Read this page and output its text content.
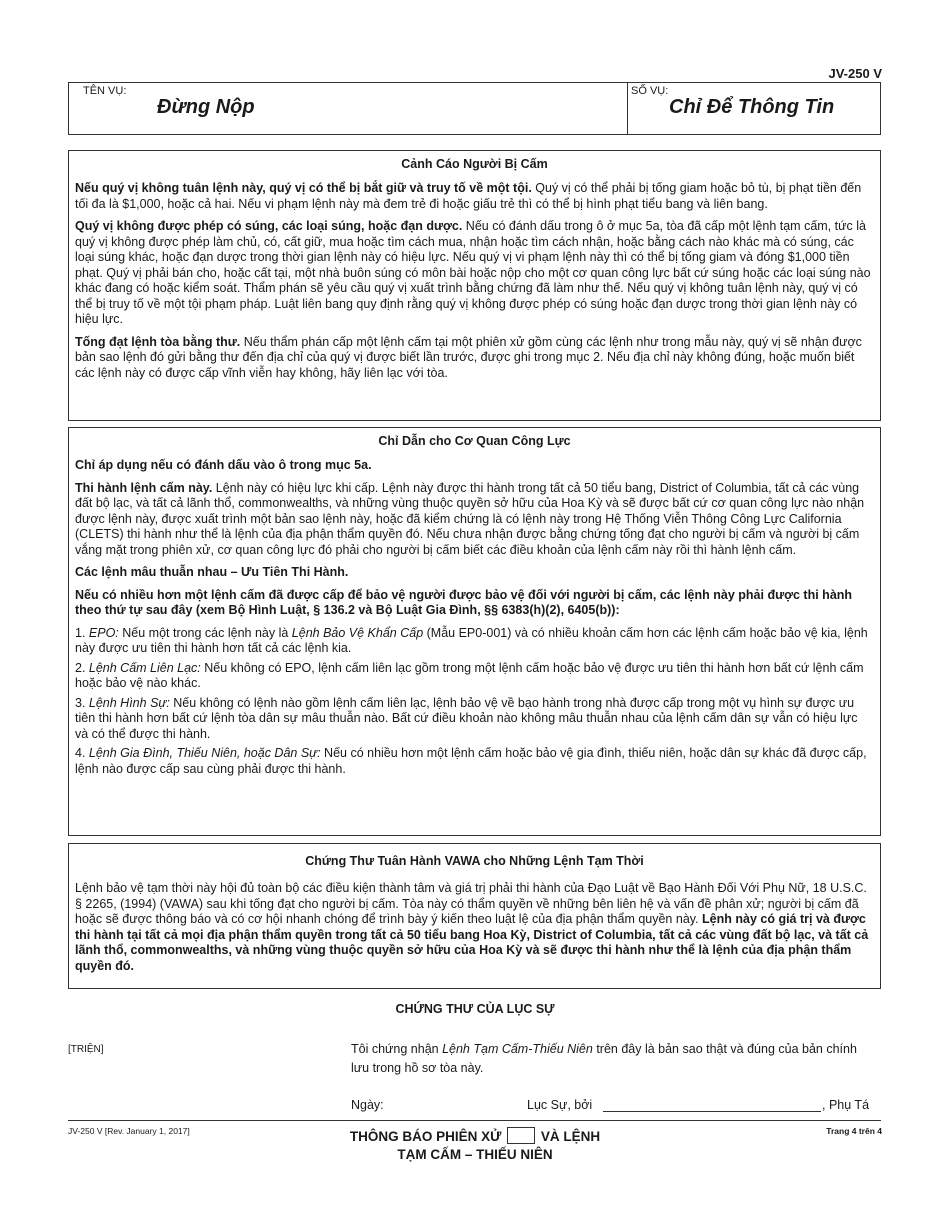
JV-250 V
TÊN VỤ:
Đừng Nộp
SỐ VỤ:
Chỉ Để Thông Tin
Cảnh Cáo Người Bị Cấm

Nếu quý vị không tuân lệnh này, quý vị có thể bị bắt giữ và truy tố về một tội. Quý vị có thể phải bị tống giam hoặc bỏ tù, bị phạt tiền đến tối đa là $1,000, hoặc cả hai. Nếu vi phạm lệnh này mà đem trẻ đi hoặc giấu trẻ thì có thể bị hình phạt tiểu bang và liên bang.

Quý vị không được phép có súng, các loại súng, hoặc đạn dược. Nếu có đánh dấu trong ô ở mục 5a, tòa đã cấp một lệnh tạm cấm, tức là quý vị không được phép làm chủ, có, cất giữ, mua hoặc tìm cách mua, nhận hoặc tìm cách nhận, hoặc bằng cách nào khác mà có súng, các loại súng khác, hoặc đạn dược trong thời gian lệnh này có hiệu lực. Nếu quý vị vi phạm lệnh này thì có thể bị tống giam và đóng $1,000 tiền phạt. Quý vị phải bán cho, hoặc cất tại, một nhà buôn súng có môn bài hoặc nộp cho một cơ quan công lực bất cứ súng hoặc các loại súng nào khác đang có hoặc kiểm soát. Thẩm phán sẽ yêu cầu quý vị xuất trình bằng chứng đã làm như thế. Nếu quý vị không tuân lệnh này, quý vị có thể bị truy tố về một tội phạm pháp. Luật liên bang quy định rằng quý vị không được phép có súng hoặc đạn dược trong thời gian lệnh này có hiệu lực.

Tống đạt lệnh tòa bằng thư. Nếu thẩm phán cấp một lệnh cấm tại một phiên xử gồm cùng các lệnh như trong mẫu này, quý vị sẽ nhận được bản sao lệnh đó gửi bằng thư đến địa chỉ của quý vị được biết lần trước, được ghi trong mục 2. Nếu địa chỉ này không đúng, hoặc muốn biết các lệnh này có được cấp vĩnh viễn hay không, hãy liên lạc với tòa.

Chỉ Dẫn cho Cơ Quan Công Lực

Chỉ áp dụng nếu có đánh dấu vào ô trong mục 5a.

Thi hành lệnh cấm này. Lệnh này có hiệu lực khi cấp. Lệnh này được thi hành trong tất cả 50 tiểu bang, District of Columbia, tất cả các vùng đất bộ lạc, và tất cả lãnh thổ, commonwealths, và những vùng thuộc quyền sở hữu của Hoa Kỳ và sẽ được bất cứ cơ quan công lực nào nhận được lệnh này, được xuất trình một bản sao lệnh này, hoặc đã kiểm chứng là có lệnh này trong Hệ Thống Viễn Thông Công Lực California (CLETS) thi hành như thể là lệnh của địa phận thẩm quyền đó. Nếu chưa nhận được bằng chứng tống đạt cho người bị cấm và người bị cấm vắng mặt trong phiên xử, cơ quan công lực đó phải cho người bị cấm biết các điều khoản của lệnh cấm này rồi thì hành lệnh cấm.

Các lệnh mâu thuẫn nhau – Ưu Tiên Thi Hành.

Nếu có nhiều hơn một lệnh cấm đã được cấp để bảo vệ người được bảo vệ đối với người bị cấm, các lệnh này phải được thi hành theo thứ tự sau đây (xem Bộ Hình Luật, § 136.2 và Bộ Luật Gia Đình, §§ 6383(h)(2), 6405(b)):

1. EPO: Nếu một trong các lệnh này là Lệnh Bảo Vệ Khẩn Cấp (Mẫu EP0-001) và có nhiều khoản cấm hơn các lệnh cấm hoặc bảo vệ kia, lệnh này được ưu tiên thi hành hơn tất cả các lệnh kia.

2. Lệnh Cấm Liên Lạc: Nếu không có EPO, lệnh cấm liên lạc gồm trong một lệnh cấm hoặc bảo vệ được ưu tiên thi hành hơn bất cứ lệnh cấm hoặc bảo vệ nào khác.

3. Lệnh Hình Sự: Nếu không có lệnh nào gồm lệnh cấm liên lạc, lệnh bảo vệ về bạo hành trong nhà được cấp trong một vụ hình sự được ưu tiên thi hành hơn bất cứ lệnh tòa dân sự mâu thuẫn nào. Bất cứ điều khoản nào không mâu thuẫn nhau của lệnh cấm dân sự vẫn có hiệu lực và có thể được thi hành.

4. Lệnh Gia Đình, Thiếu Niên, hoặc Dân Sự: Nếu có nhiều hơn một lệnh cấm hoặc bảo vệ gia đình, thiếu niên, hoặc dân sự khác đã được cấp, lệnh nào được cấp sau cùng phải được thi hành.

Chứng Thư Tuân Hành VAWA cho Những Lệnh Tạm Thời

Lệnh bảo vệ tạm thời này hội đủ toàn bộ các điều kiện thành tâm và giá trị phải thi hành của Đạo Luật về Bạo Hành Đối Với Phụ Nữ, 18 U.S.C. § 2265, (1994) (VAWA) sau khi tống đạt cho người bị cấm. Tòa này có thẩm quyền về những bên liên hệ và vấn đề phân xử; người bị cấm đã hoặc sẽ được thông báo và có cơ hội nhanh chóng để trình bày ý kiến theo luật lệ của địa phận thẩm quyền này. Lệnh này có giá trị và được thi hành tại tất cả mọi địa phận thẩm quyền trong tất cả 50 tiểu bang Hoa Kỳ, District of Columbia, tất cả các vùng đất bộ lạc, và tất cả lãnh thổ, commonwealths, và những vùng thuộc quyền sở hữu của Hoa Kỳ và sẽ được thi hành như thể là lệnh của địa phận thẩm quyền đó.

CHỨNG THƯ CỦA LỤC SỰ
[TRIỆN]	Tôi chứng nhận Lệnh Tạm Cấm-Thiếu Niên trên đây là bản sao thật và đúng của bản chính lưu trong hồ sơ tòa này.
Ngày:	Lục Sự, bởi	, Phụ Tá
JV-250 V [Rev. January 1, 2017]	THÔNG BÁO PHIÊN XỬ	VÀ LỆNH
TẠM CẤM – THIẾU NIÊN
Trang 4 trên 4
